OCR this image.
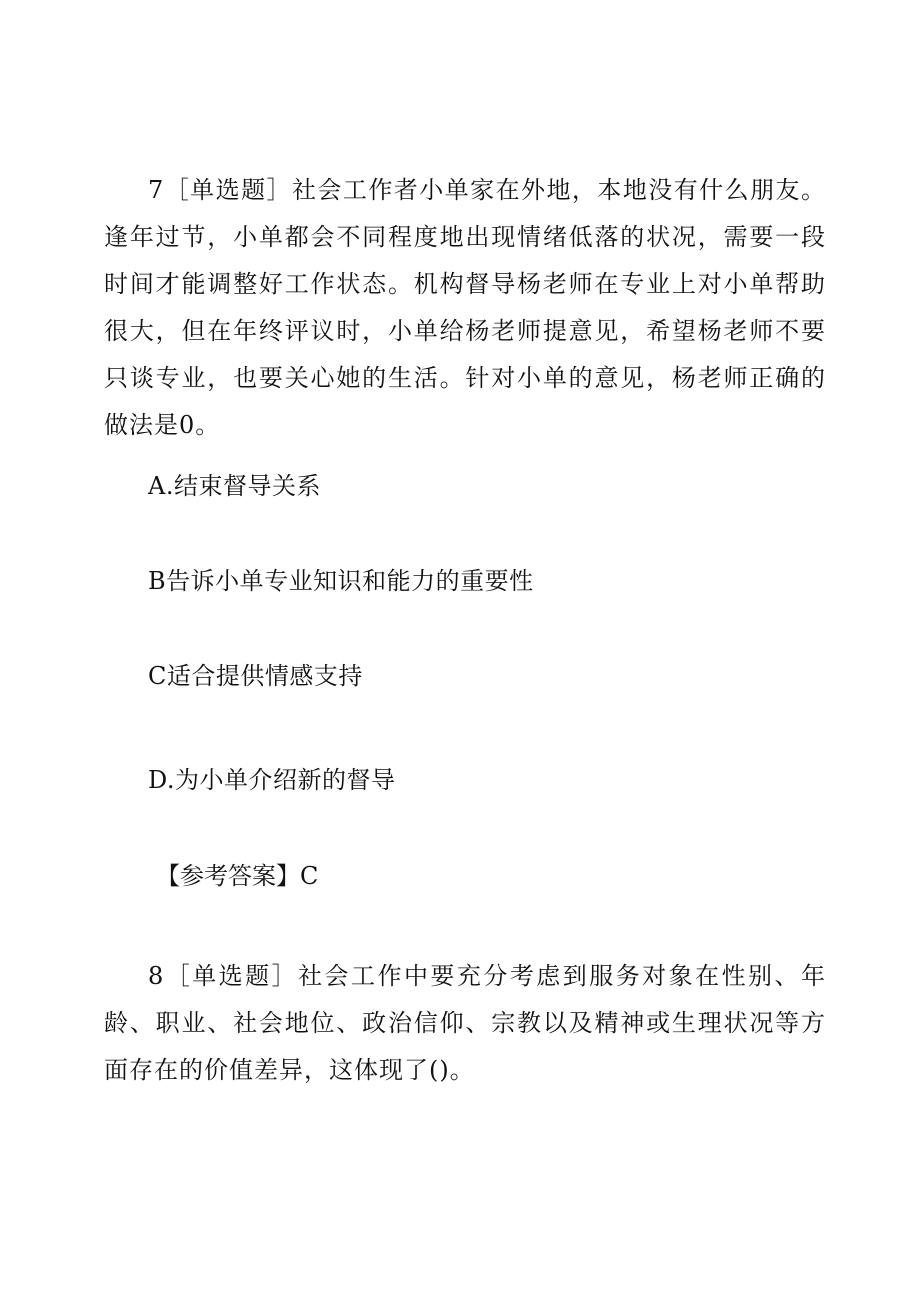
7［单选题］社会工作者小单家在外地，本地没有什么朋友。逢年过节，小单都会不同程度地出现情绪低落的状况，需要一段时间才能调整好工作状态。机构督导杨老师在专业上对小单帮助很大，但在年终评议时，小单给杨老师提意见，希望杨老师不要只谈专业，也要关心她的生活。针对小单的意见，杨老师正确的做法是0。

A.结束督导关系

B告诉小单专业知识和能力的重要性

C适合提供情感支持

D.为小单介绍新的督导

【参考答案】C

8［单选题］社会工作中要充分考虑到服务对象在性别、年龄、职业、社会地位、政治信仰、宗教以及精神或生理状况等方面存在的价值差异，这体现了()。
